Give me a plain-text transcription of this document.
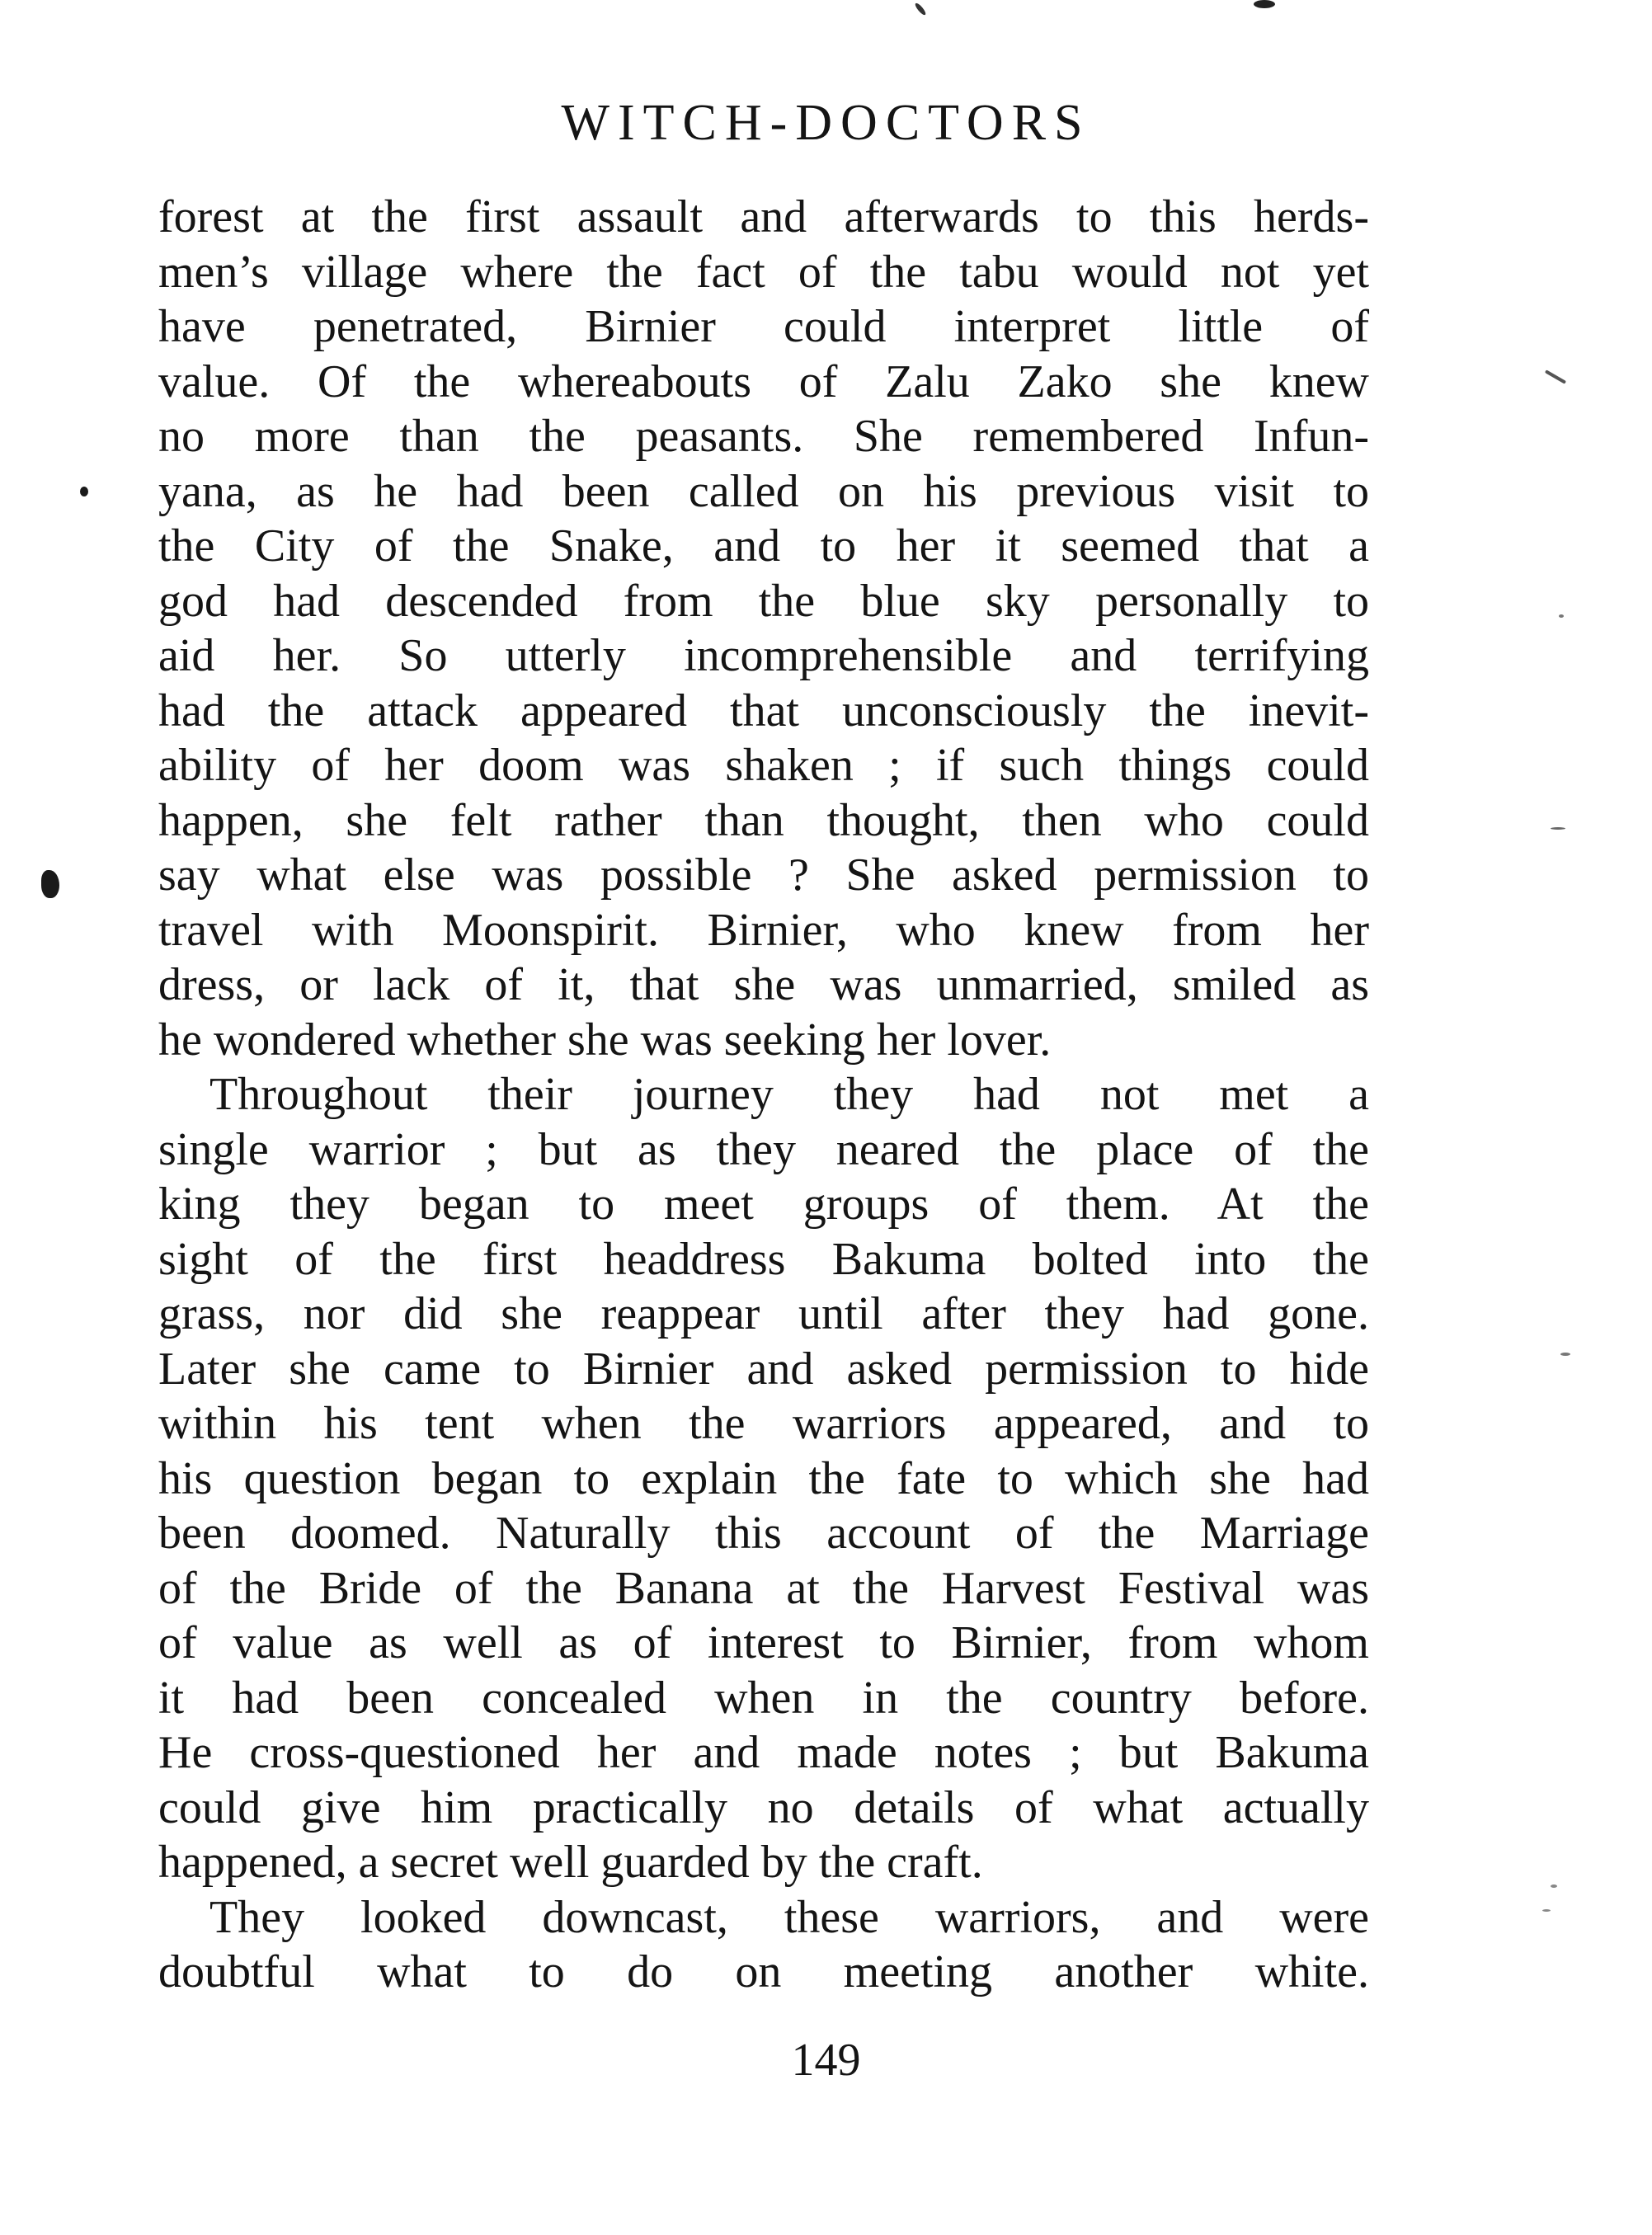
WITCH-DOCTORS
forest at the first assault and afterwards to this herds-
men’s village where the fact of the tabu would not yet
have penetrated, Birnier could interpret little of
value. Of the whereabouts of Zalu Zako she knew
no more than the peasants. She remembered Infun-
yana, as he had been called on his previous visit to
the City of the Snake, and to her it seemed that a
god had descended from the blue sky personally to
aid her. So utterly incomprehensible and terrifying
had the attack appeared that unconsciously the inevit-
ability of her doom was shaken ; if such things could
happen, she felt rather than thought, then who could
say what else was possible ? She asked permission to
travel with Moonspirit. Birnier, who knew from her
dress, or lack of it, that she was unmarried, smiled as
he wondered whether she was seeking her lover.
Throughout their journey they had not met a
single warrior ; but as they neared the place of the
king they began to meet groups of them. At the
sight of the first headdress Bakuma bolted into the
grass, nor did she reappear until after they had gone.
Later she came to Birnier and asked permission to hide
within his tent when the warriors appeared, and to
his question began to explain the fate to which she had
been doomed. Naturally this account of the Marriage
of the Bride of the Banana at the Harvest Festival was
of value as well as of interest to Birnier, from whom
it had been concealed when in the country before.
He cross-questioned her and made notes ; but Bakuma
could give him practically no details of what actually
happened, a secret well guarded by the craft.
They looked downcast, these warriors, and were
doubtful what to do on meeting another white.
149
